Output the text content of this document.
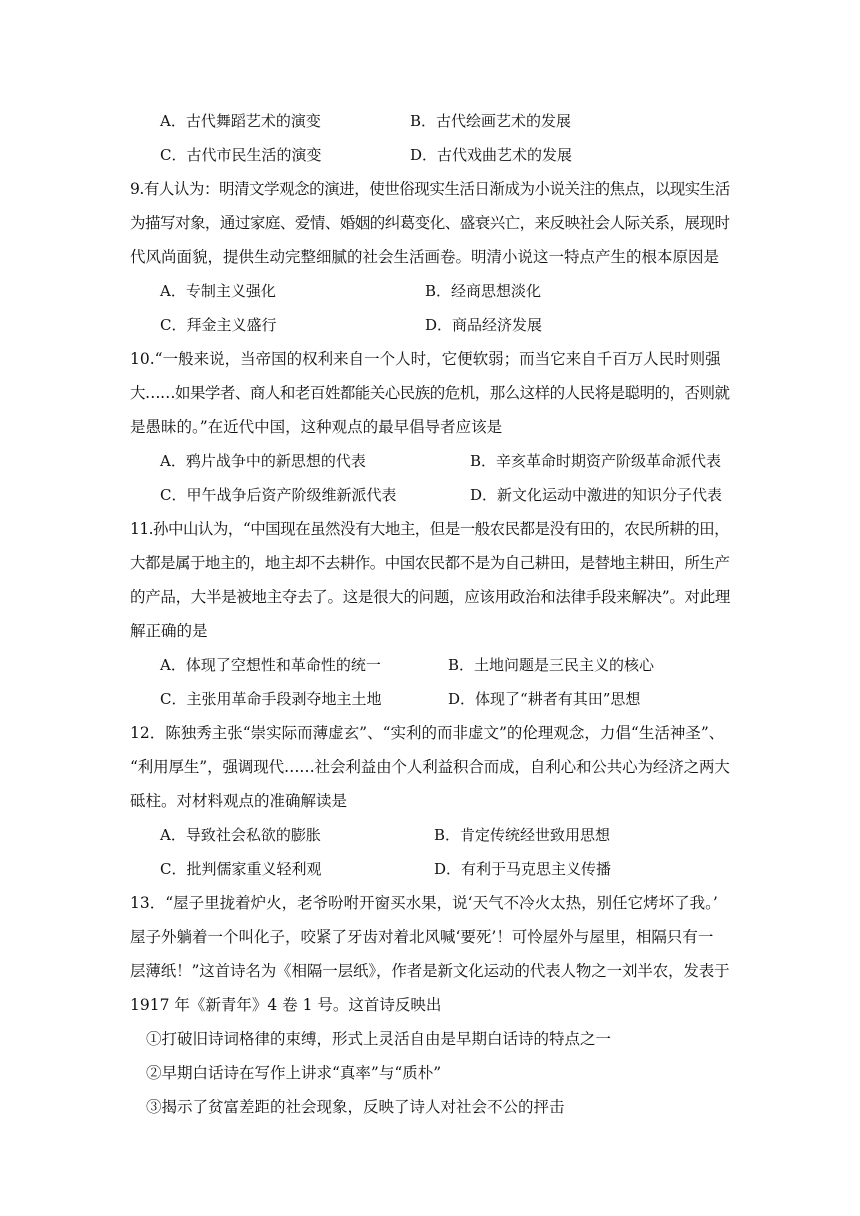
A．古代舞蹈艺术的演变	B．古代绘画艺术的发展
C．古代市民生活的演变	D．古代戏曲艺术的发展
9.有人认为：明清文学观念的演进，使世俗现实生活日渐成为小说关注的焦点，以现实生活
为描写对象，通过家庭、爱情、婚姻的纠葛变化、盛衰兴亡，来反映社会人际关系，展现时
代风尚面貌，提供生动完整细腻的社会生活画卷。明清小说这一特点产生的根本原因是
A．专制主义强化	B．经商思想淡化
C．拜金主义盛行	D．商品经济发展
10.“一般来说，当帝国的权利来自一个人时，它便软弱；而当它来自千百万人民时则强
大……如果学者、商人和老百姓都能关心民族的危机，那么这样的人民将是聪明的，否则就
是愚昧的。”在近代中国，这种观点的最早倡导者应该是
A．鸦片战争中的新思想的代表	B．辛亥革命时期资产阶级革命派代表
C．甲午战争后资产阶级维新派代表	D．新文化运动中激进的知识分子代表
11.孙中山认为，“中国现在虽然没有大地主，但是一般农民都是没有田的，农民所耕的田，
大都是属于地主的，地主却不去耕作。中国农民都不是为自己耕田，是替地主耕田，所生产
的产品，大半是被地主夺去了。这是很大的问题，应该用政治和法律手段来解决”。对此理
解正确的是
A．体现了空想性和革命性的统一	B．土地问题是三民主义的核心
C．主张用革命手段剥夺地主土地	D．体现了“耕者有其田”思想
12．陈独秀主张“崇实际而薄虚玄”、“实利的而非虚文”的伦理观念，力倡“生活神圣”、
“利用厚生”，强调现代……社会利益由个人利益积合而成，自利心和公共心为经济之两大
砥柱。对材料观点的准确解读是
A．导致社会私欲的膨胀	B．肯定传统经世致用思想
C．批判儒家重义轻利观	D．有利于马克思主义传播
13．“屋子里拢着炉火，老爷吩咐开窗买水果，说‘天气不冷火太热，别任它烤坏了我。’
屋子外躺着一个叫化子，咬紧了牙齿对着北风喊‘要死’！可怜屋外与屋里，相隔只有一
层薄纸！”这首诗名为《相隔一层纸》，作者是新文化运动的代表人物之一刘半农，发表于
1917 年《新青年》4 卷 1 号。这首诗反映出
①打破旧诗词格律的束缚，形式上灵活自由是早期白话诗的特点之一
②早期白话诗在写作上讲求“真率”与“质朴”
③揭示了贫富差距的社会现象，反映了诗人对社会不公的抨击
